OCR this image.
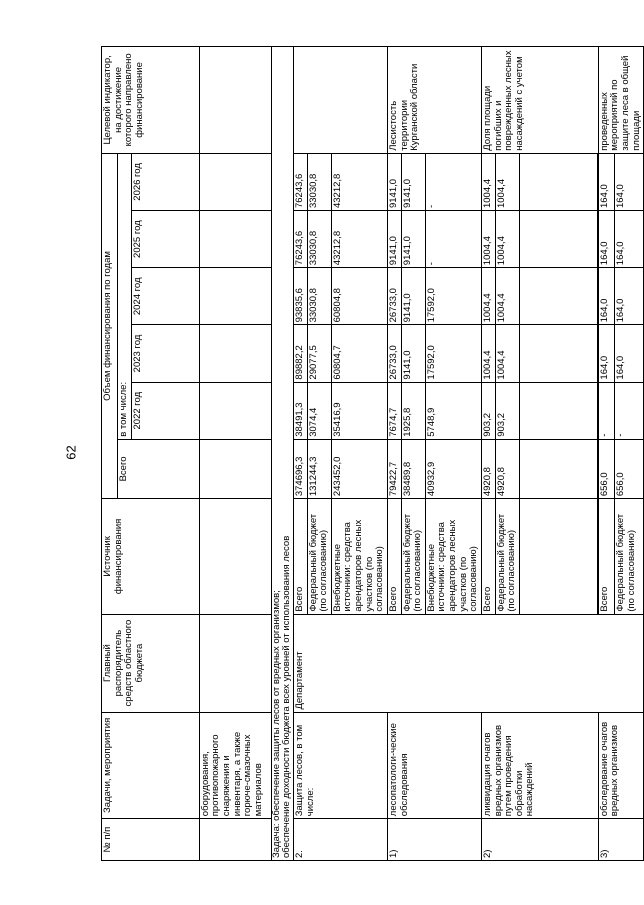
62
№ п/п	Задачи, мероприятия	Главный распорядитель средств областного бюджета	Источник финансирования	Объем финансирования по годам						Целевой индикатор, на достижение которого направлено финансирование
				Всего	в том числе:					
					2022 год	2023 год	2024 год	2025 год	2026 год	
	оборудования, противопожарного снаряжения и инвентаря, а также горюче-смазочных материалов									

Задача: обеспечение защиты лесов от вредных организмов; обеспечение доходности бюджета всех уровней от использования лесов										

2.	Защита лесов, в том числе:	Департамент	Всего	374696,3	38491,3	89882,2	93835,6	76243,6	76243,6	
			Федеральный бюджет (по согласованию)	131244,3	3074,4	29077,5	33030,8	33030,8	33030,8	
			Внебюджетные источники: средства арендаторов лесных участков (по согласованию)	243452,0	35416,9	60804,7	60804,8	43212,8	43212,8	
1)	лесопатологи-ческие обследования		Всего	79422,7	7674,7	26733,0	26733,0	9141,0	9141,0	Лесистость территории Курганской области
			Федеральный бюджет (по согласованию)	38489,8	1925,8	9141,0	9141,0	9141,0	9141,0	
			Внебюджетные источники: средства арендаторов лесных участков (по согласованию)	40932,9	5748,9	17592,0	17592,0	-	-	
2)	ликвидация очагов вредных организмов путем проведения обработки насаждений		Всего	4920,8	903,2	1004,4	1004,4	1004,4	1004,4	Доля площади погибших и поврежденных лесных насаждений с учетом
			Федеральный бюджет (по согласованию)	4920,8	903,2	1004,4	1004,4	1004,4	1004,4	

3)	обследование очагов вредных организмов		Всего	656,0	-	164,0	164,0	164,0	164,0	проведенных мероприятий по защите леса в общей площади
			Федеральный бюджет (по согласованию)	656,0	-	164,0	164,0	164,0	164,0	
